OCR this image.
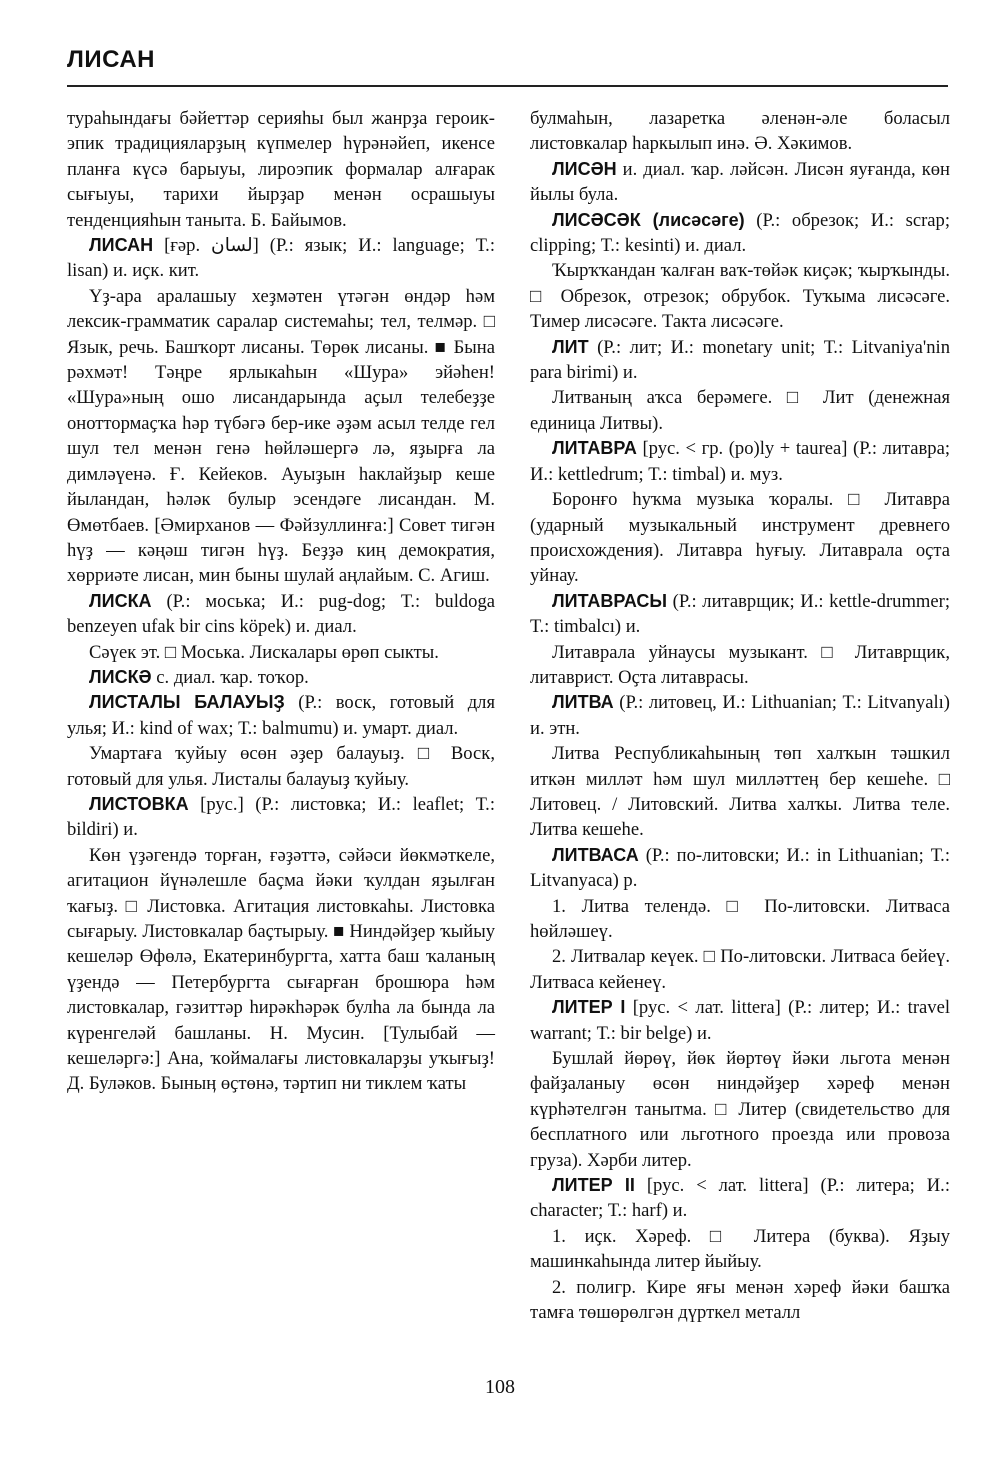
ЛИСАН

тураһындағы бәйеттәр серияһы был жанрҙа героик-эпик традицияларҙың күпмелер һүрәнәйеп, икенсе планға күсә барыуы, лироэпик формалар алғарак сығыуы, тарихи йырҙар менән осрашыуы тенденцияһын таныта. Б. Байымов.

ЛИСАН [ғәр. لسان] (Р.: язык; И.: language; Т.: lisan) и. иҫк. кит.

Үҙ-ара аралашыу хеҙмәтен үтәгән өндәр һәм лексик-грамматик саралар системаһы; тел, телмәр. □ Язык, речь. Башҡорт лисаны. Төрөк лисаны. ■ Бына рәхмәт! Тәңре ярлыкаһын «Шура» эйәһен! «Шура»ның ошо лисандарында аҫыл телебеҙҙе оноттормаҫҡа һәр түбәгә бер-ике әҙәм асыл телде гел шул тел менән генә һөйләшергә лә, яҙырға ла димләүенә. Ғ. Кейеков. Ауыҙын һаклайҙыр кеше йыландан, һәләк булыр эсендәге лисандан. М. Өмөтбаев. [Әмирханов — Фәйзуллинға:] Совет тигән һүҙ — кәңәш тигән һүҙ. Беҙҙә киң демократия, хөрриәте лисан, мин быны шулай аңлайым. С. Агиш.

ЛИСКА (Р.: моська; И.: pug-dog; Т.: buldoga benzeyen ufak bir cins köpek) и. диал.

Сәүек эт. □ Моська. Лискалары өрөп сыкты.

ЛИСКӘ с. диал. ҡар. тоҡор.

ЛИСТАЛЫ БАЛАУЫҘ (Р.: воск, готовый для улья; И.: kind of wax; Т.: balmumu) и. умарт. диал.

Умартаға ҡуйыу өсөн әҙер балауыҙ. □ Воск, готовый для улья. Листалы балауыҙ ҡуйыу.

ЛИСТОВКА [рус.] (Р.: листовка; И.: leaflet; Т.: bildiri) и.

Көн үҙәгендә торған, ғәҙәттә, сәйәси йөкмәткеле, агитацион йүнәлешле баҫма йәки ҡулдан яҙылған ҡағыҙ. □ Листовка. Агитация листовкаһы. Листовка сығарыу. Листовкалар баҫтырыу. ■ Ниндәйҙер ҡыйыу кешеләр Өфөлә, Екатеринбургта, хатта баш ҡаланың үҙендә — Петербургта сығарған брошюра һәм листовкалар, гәзиттәр һирәкһәрәк булһа ла бында ла күренгеләй башланы. Н. Мусин. [Тулыбай — кешеләргә:] Ана, ҡоймалағы листовкаларҙы уҡығыҙ! Д. Буләков. Быныӊ өҫтөнә, тәртип ни тиклем ҡаты

булмаһын, лазаретка әленән-әле боласыл листовкалар һаркылып инә. Ә. Хәкимов.

ЛИСӘН и. диал. ҡар. ләйсән. Лисән яуғанда, көн йылы була.

ЛИСӘСӘК (лисәсәге) (Р.: обрезок; И.: scrap; clipping; Т.: kesinti) и. диал.

Ҡырҡҡандан ҡалған ваҡ-төйәк киҫәк; ҡырҡынды. □ Обрезок, отрезок; обрубок. Туҡыма лисәсәге. Тимер лисәсәге. Такта лисәсәге.

ЛИТ (Р.: лит; И.: monetary unit; Т.: Litvaniya'nin para birimi) и.

Литваның аҡса берәмеге. □ Лит (денежная единица Литвы).

ЛИТАВРА [рус. < гр. (po)ly + taurea] (Р.: литавра; И.: kettledrum; Т.: timbal) и. муз.

Боронғо һуҡма музыка ҡоралы. □ Литавра (ударный музыкальный инструмент древнего происхождения). Литавра һуғыу. Литавралa оҫта уйнау.

ЛИТАВРАСЫ (Р.: литаврщик; И.: kettle-drummer; Т.: timbalcı) и.

Литаврала уйнаусы музыкант. □ Литаврщик, литаврист. Оҫта литаврасы.

ЛИТВА (Р.: литовец, И.: Lithuanian; Т.: Litvanyalı) и. этн.

Литва Республикаһының төп халҡын тәшкил иткән милләт һәм шул милләттеӊ бер кешеһе. □ Литовец. / Литовский. Литва халҡы. Литва теле. Литва кешеһе.

ЛИТВАСА (Р.: по-литовски; И.: in Lithuanian; Т.: Litvanyaca) р.

1. Литва телендә. □ По-литовски. Литваса һөйләшеү.

2. Литвалар кеүек. □ По-литовски. Литваса бейеү. Литваса кейенеү.

ЛИТЕР I [рус. < лат. littera] (Р.: литер; И.: travel warrant; Т.: bir belge) и.

Бушлай йөрөү, йөк йөртөү йәки льгота менән файҙаланыу өсөн ниндәйҙер хәреф менән күрһәтелгән танытма. □ Литер (свидетельство для бесплатного или льготного проезда или провоза груза). Хәрби литер.

ЛИТЕР II [рус. < лат. littera] (Р.: литера; И.: character; Т.: harf) и.

1. иҫк. Хәреф. □ Литера (буква). Яҙыу машинкаһында литер йыйыу.

2. полигр. Кире яғы менән хәреф йәки башҡа тамға төшөрөлгән дүрткел металл

108
